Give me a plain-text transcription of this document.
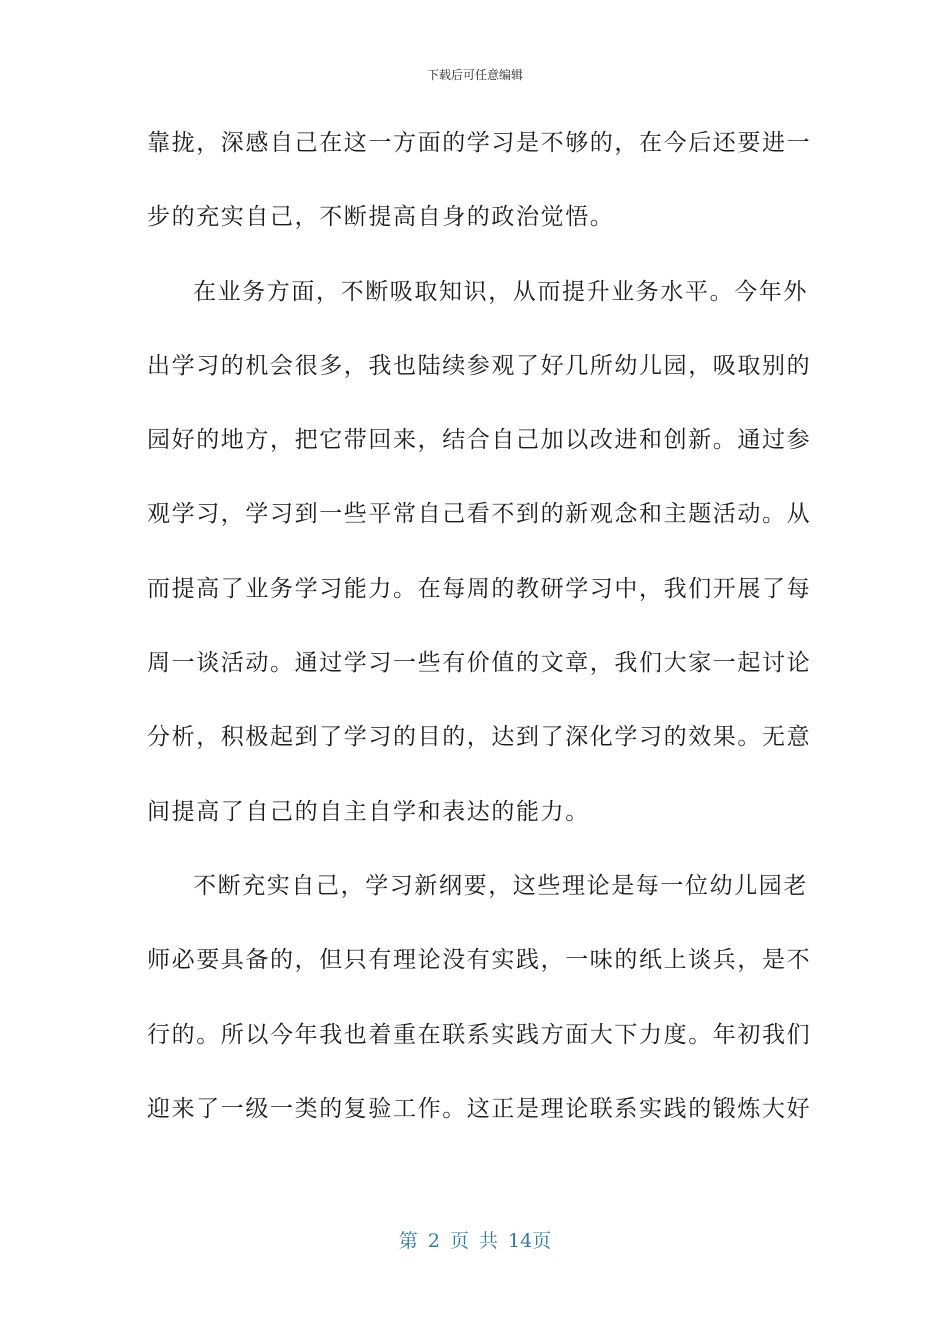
下载后可任意编辑
靠拢，深感自己在这一方面的学习是不够的，在今后还要进一
步的充实自己，不断提高自身的政治觉悟。
在业务方面，不断吸取知识，从而提升业务水平。今年外
出学习的机会很多，我也陆续参观了好几所幼儿园，吸取别的
园好的地方，把它带回来，结合自己加以改进和创新。通过参
观学习，学习到一些平常自己看不到的新观念和主题活动。从
而提高了业务学习能力。在每周的教研学习中，我们开展了每
周一谈活动。通过学习一些有价值的文章，我们大家一起讨论
分析，积极起到了学习的目的，达到了深化学习的效果。无意
间提高了自己的自主自学和表达的能力。
不断充实自己，学习新纲要，这些理论是每一位幼儿园老
师必要具备的，但只有理论没有实践，一味的纸上谈兵，是不
行的。所以今年我也着重在联系实践方面大下力度。年初我们
迎来了一级一类的复验工作。这正是理论联系实践的锻炼大好
第 2 页 共 14页
